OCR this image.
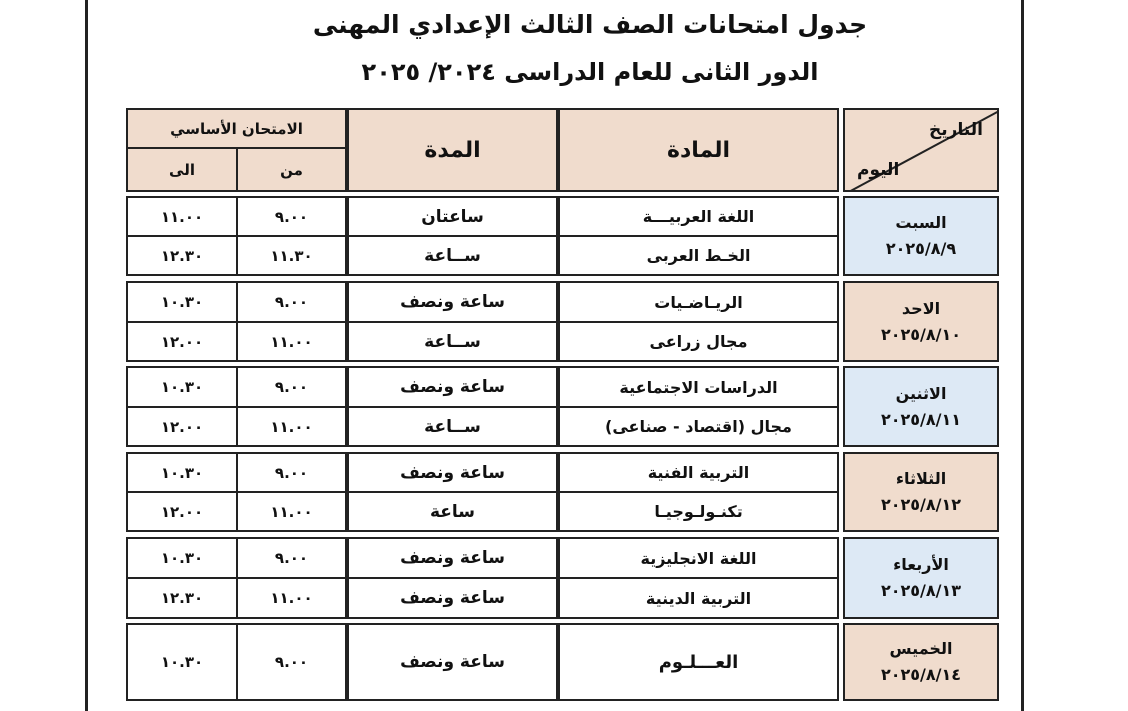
جدول امتحانات الصف الثالث الإعدادي المهنى
الدور الثانى للعام الدراسى ٢٠٢٤/ ٢٠٢٥
التاريخ
اليوم
المادة
المدة
الامتحان الأساسي
من
الى
السبت
٢٠٢٥/٨/٩
اللغة العربيـــة
الخـط العربى
ساعتان
ســاعة
٩.٠٠
١١.٣٠
١١.٠٠
١٢.٣٠
الاحد
٢٠٢٥/٨/١٠
الريـاضـيات
مجال زراعى
ساعة ونصف
ســاعة
٩.٠٠
١١.٠٠
١٠.٣٠
١٢.٠٠
الاثنين
٢٠٢٥/٨/١١
الدراسات الاجتماعية
مجال (اقتصاد - صناعى)
ساعة ونصف
ســاعة
٩.٠٠
١١.٠٠
١٠.٣٠
١٢.٠٠
الثلاثاء
٢٠٢٥/٨/١٢
التربية الفنية
تكنـولـوجيـا
ساعة ونصف
ساعة
٩.٠٠
١١.٠٠
١٠.٣٠
١٢.٠٠
الأربعاء
٢٠٢٥/٨/١٣
اللغة الانجليزية
التربية الدينية
ساعة ونصف
ساعة ونصف
٩.٠٠
١١.٠٠
١٠.٣٠
١٢.٣٠
الخميس
٢٠٢٥/٨/١٤
العـــلـوم
ساعة ونصف
٩.٠٠
١٠.٣٠
